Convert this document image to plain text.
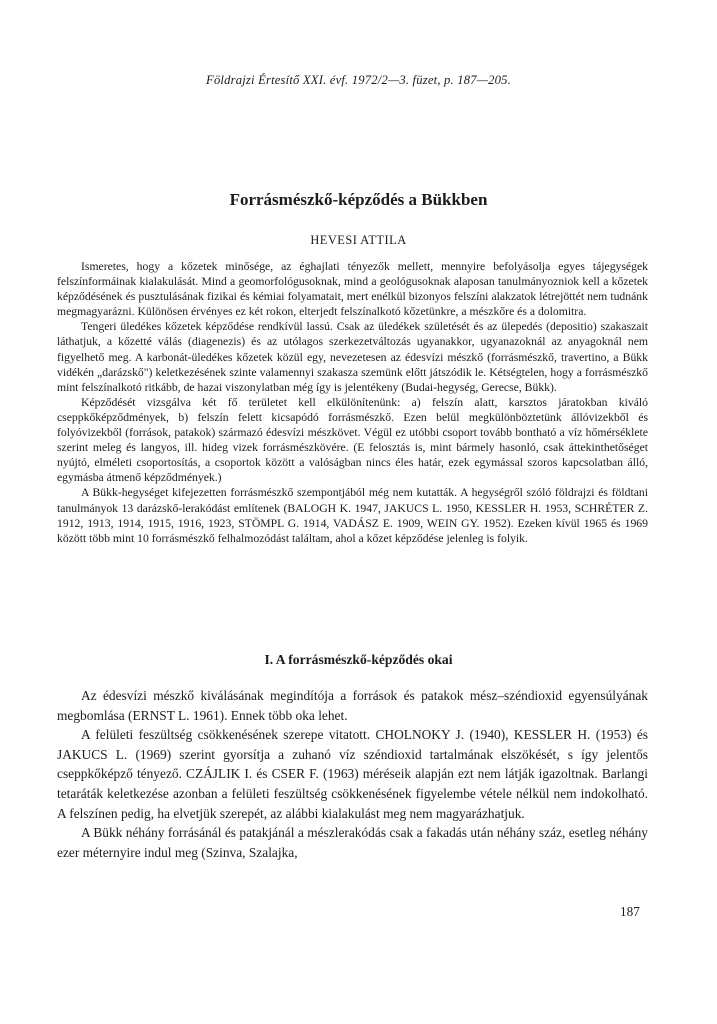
Földrajzi Értesítő XXI. évf. 1972/2—3. füzet, p. 187—205.
Forrásmészkő-képződés a Bükkben
HEVESI ATTILA

Ismeretes, hogy a kőzetek minősége, az éghajlati tényezők mellett, mennyire befolyásolja egyes tájegységek felszínformáinak kialakulását. Mind a geomorfológusoknak, mind a geológusoknak alaposan tanulmányozniok kell a kőzetek képződésének és pusztulásának fizikai és kémiai folyamatait, mert enélkül bizonyos felszíni alakzatok létrejöttét nem tudnánk megmagyarázni. Különösen érvényes ez két rokon, elterjedt felszínalkotó kőzetünkre, a mészkőre és a dolomitra.

Tengeri üledékes kőzetek képződése rendkívül lassú. Csak az üledékek születését és az ülepedés (depositio) szakaszait láthatjuk, a kőzetté válás (diagenezis) és az utólagos szerkezetváltozás ugyanakkor, ugyanazoknál az anyagoknál nem figyelhető meg. A karbonát-üledékes kőzetek közül egy, nevezetesen az édesvízi mészkő (forrásmészkő, travertino, a Bükk vidékén „darázskő") keletkezésének szinte valamennyi szakasza szemünk előtt játszódik le. Kétségtelen, hogy a forrásmészkő mint felszínalkotó ritkább, de hazai viszonylatban még így is jelentékeny (Budai-hegység, Gerecse, Bükk).

Képződését vizsgálva két fő területet kell elkülönítenünk: a) felszín alatt, karsztos járatokban kiváló cseppkőképződmények, b) felszín felett kicsapódó forrásmészkő. Ezen belül megkülönböztetünk állóvizekből és folyóvizekből (források, patakok) származó édesvízi mészkövet. Végül ez utóbbi csoport tovább bontható a víz hőmérséklete szerint meleg és langyos, ill. hideg vizek forrásmészkövére. (E felosztás is, mint bármely hasonló, csak áttekinthetőséget nyújtó, elméleti csoportosítás, a csoportok között a valóságban nincs éles határ, ezek egymással szoros kapcsolatban álló, egymásba átmenő képződmények.)

A Bükk-hegységet kifejezetten forrásmészkő szempontjából még nem kutatták. A hegységről szóló földrajzi és földtani tanulmányok 13 darázskő-lerakódást említenek (BALOGH K. 1947, JAKUCS L. 1950, KESSLER H. 1953, SCHRÉTER Z. 1912, 1913, 1914, 1915, 1916, 1923, STÖMPL G. 1914, VADÁSZ E. 1909, WEIN GY. 1952). Ezeken kívül 1965 és 1969 között több mint 10 forrásmészkő felhalmozódást találtam, ahol a kőzet képződése jelenleg is folyik.

I. A forrásmészkő-képződés okai

Az édesvízi mészkő kiválásának megindítója a források és patakok mész–széndioxid egyensúlyának megbomlása (ERNST L. 1961). Ennek több oka lehet.

A felületi feszültség csökkenésének szerepe vitatott. CHOLNOKY J. (1940), KESSLER H. (1953) és JAKUCS L. (1969) szerint gyorsítja a zuhanó víz széndioxid tartalmának elszökését, s így jelentős cseppkőképző tényező. CZÁJLIK I. és CSER F. (1963) méréseik alapján ezt nem látják igazoltnak. Barlangi tetaráták keletkezése azonban a felületi feszültség csökkenésének figyelembe vétele nélkül nem indokolható. A felszínen pedig, ha elvetjük szerepét, az alábbi kialakulást meg nem magyarázhatjuk.

A Bükk néhány forrásánál és patakjánál a mészlerakódás csak a fakadás után néhány száz, esetleg néhány ezer méternyire indul meg (Szinva, Szalajka,

187
